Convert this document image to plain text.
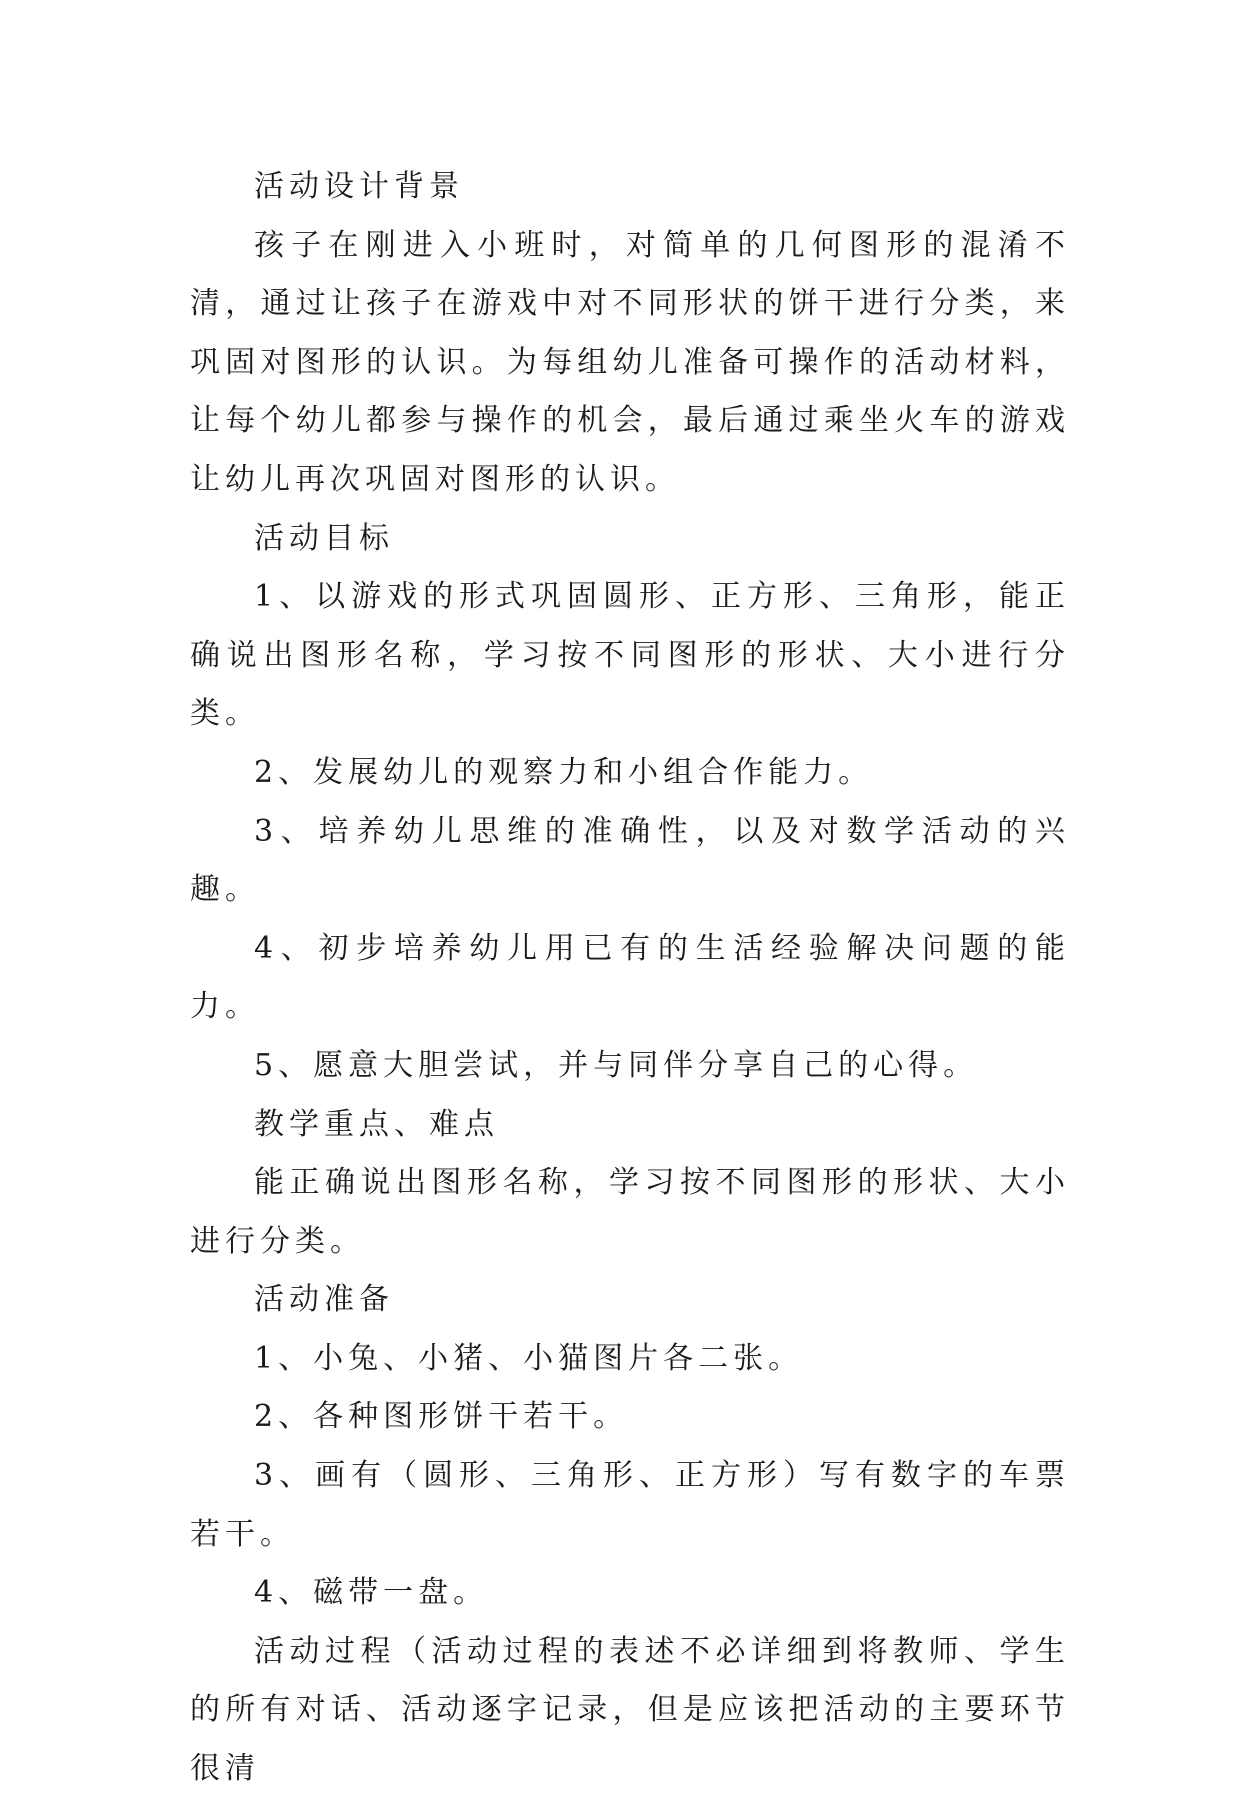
活动设计背景

孩子在刚进入小班时，对简单的几何图形的混淆不清，通过让孩子在游戏中对不同形状的饼干进行分类，来巩固对图形的认识。为每组幼儿准备可操作的活动材料，让每个幼儿都参与操作的机会，最后通过乘坐火车的游戏让幼儿再次巩固对图形的认识。

活动目标

1、以游戏的形式巩固圆形、正方形、三角形，能正确说出图形名称，学习按不同图形的形状、大小进行分类。

2、发展幼儿的观察力和小组合作能力。

3、培养幼儿思维的准确性，以及对数学活动的兴趣。

4、初步培养幼儿用已有的生活经验解决问题的能力。

5、愿意大胆尝试，并与同伴分享自己的心得。

教学重点、难点

能正确说出图形名称，学习按不同图形的形状、大小进行分类。

活动准备

1、小兔、小猪、小猫图片各二张。

2、各种图形饼干若干。

3、画有（圆形、三角形、正方形）写有数字的车票若干。

4、磁带一盘。

活动过程（活动过程的表述不必详细到将教师、学生的所有对话、活动逐字记录，但是应该把活动的主要环节很清
